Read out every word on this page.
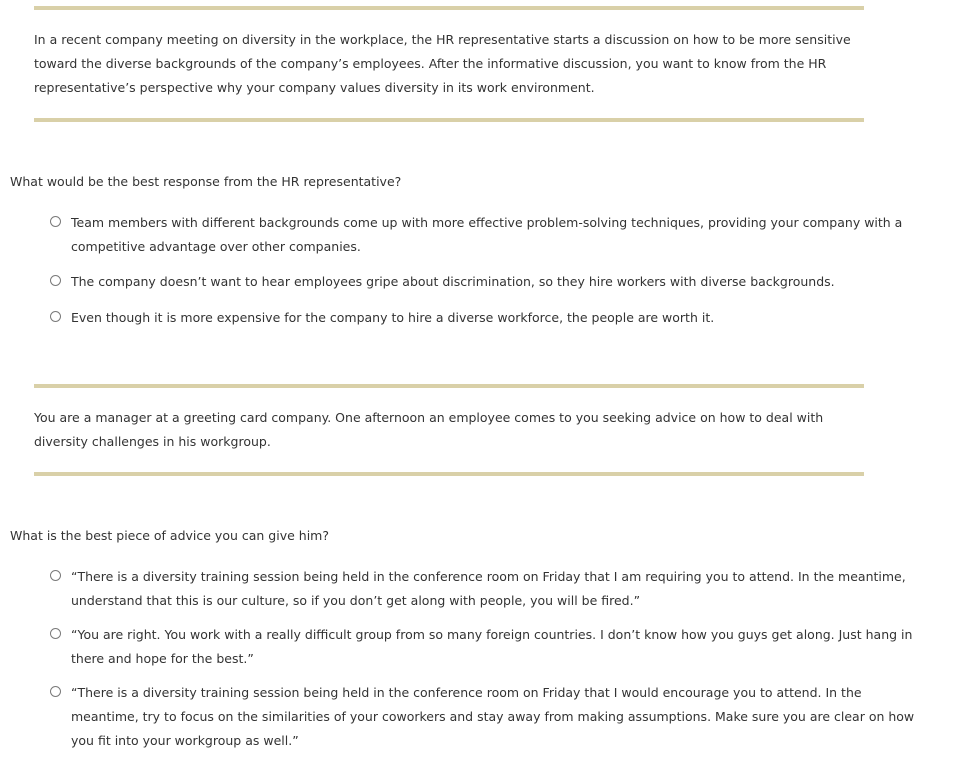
In a recent company meeting on diversity in the workplace, the HR representative starts a discussion on how to be more sensitive toward the diverse backgrounds of the company’s employees. After the informative discussion, you want to know from the HR representative’s perspective why your company values diversity in its work environment.

What would be the best response from the HR representative?

Team members with different backgrounds come up with more effective problem-solving techniques, providing your company with a competitive advantage over other companies.
The company doesn’t want to hear employees gripe about discrimination, so they hire workers with diverse backgrounds.
Even though it is more expensive for the company to hire a diverse workforce, the people are worth it.

You are a manager at a greeting card company. One afternoon an employee comes to you seeking advice on how to deal with diversity challenges in his workgroup.

What is the best piece of advice you can give him?

“There is a diversity training session being held in the conference room on Friday that I am requiring you to attend. In the meantime, understand that this is our culture, so if you don’t get along with people, you will be fired.”
“You are right. You work with a really difficult group from so many foreign countries. I don’t know how you guys get along. Just hang in there and hope for the best.”
“There is a diversity training session being held in the conference room on Friday that I would encourage you to attend. In the meantime, try to focus on the similarities of your coworkers and stay away from making assumptions. Make sure you are clear on how you fit into your workgroup as well.”
